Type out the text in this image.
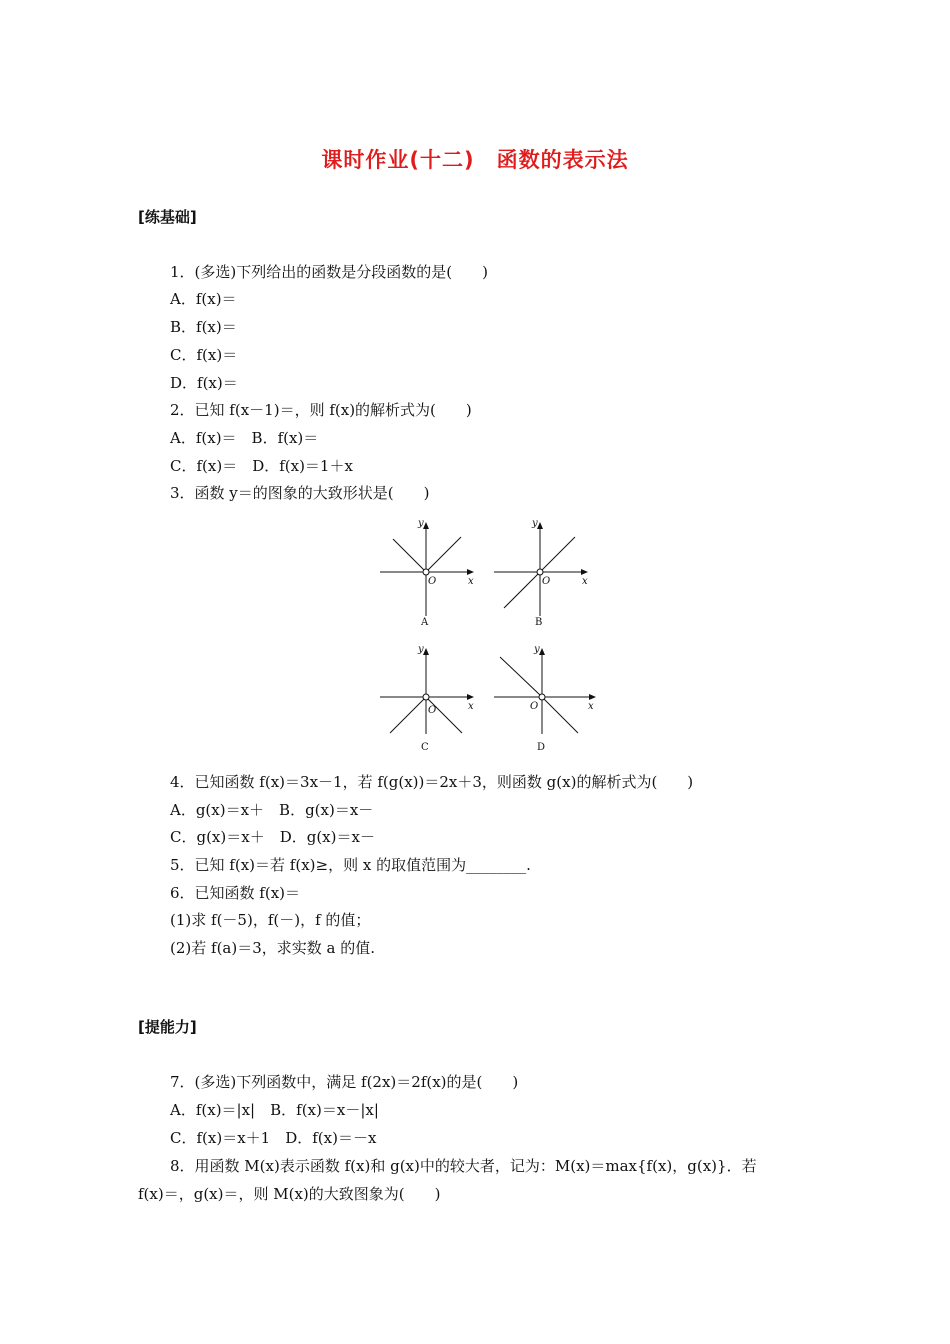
课时作业(十二)　函数的表示法
[练基础]
1．(多选)下列给出的函数是分段函数的是(　　)
A．f(x)＝
B．f(x)＝
C．f(x)＝
D．f(x)＝
2．已知 f(x－1)＝，则 f(x)的解析式为(　　)
A．f(x)＝　B．f(x)＝
C．f(x)＝　D．f(x)＝1＋x
3．函数 y＝的图象的大致形状是(　　)
y
x
O
A
y
x
O
B
y
x
O
C
y
x
O
D
4．已知函数 f(x)＝3x－1，若 f(g(x))＝2x＋3，则函数 g(x)的解析式为(　　)
A．g(x)＝x＋　B．g(x)＝x－
C．g(x)＝x＋　D．g(x)＝x－
5．已知 f(x)＝若 f(x)≥，则 x 的取值范围为________.
6．已知函数 f(x)＝
(1)求 f(－5)，f(－)，f 的值；
(2)若 f(a)＝3，求实数 a 的值.
[提能力]
7．(多选)下列函数中，满足 f(2x)＝2f(x)的是(　　)
A．f(x)＝|x|　B．f(x)＝x－|x|
C．f(x)＝x＋1　D．f(x)＝－x
8．用函数 M(x)表示函数 f(x)和 g(x)中的较大者，记为：M(x)＝max{f(x)，g(x)}．若
f(x)＝，g(x)＝，则 M(x)的大致图象为(　　)
